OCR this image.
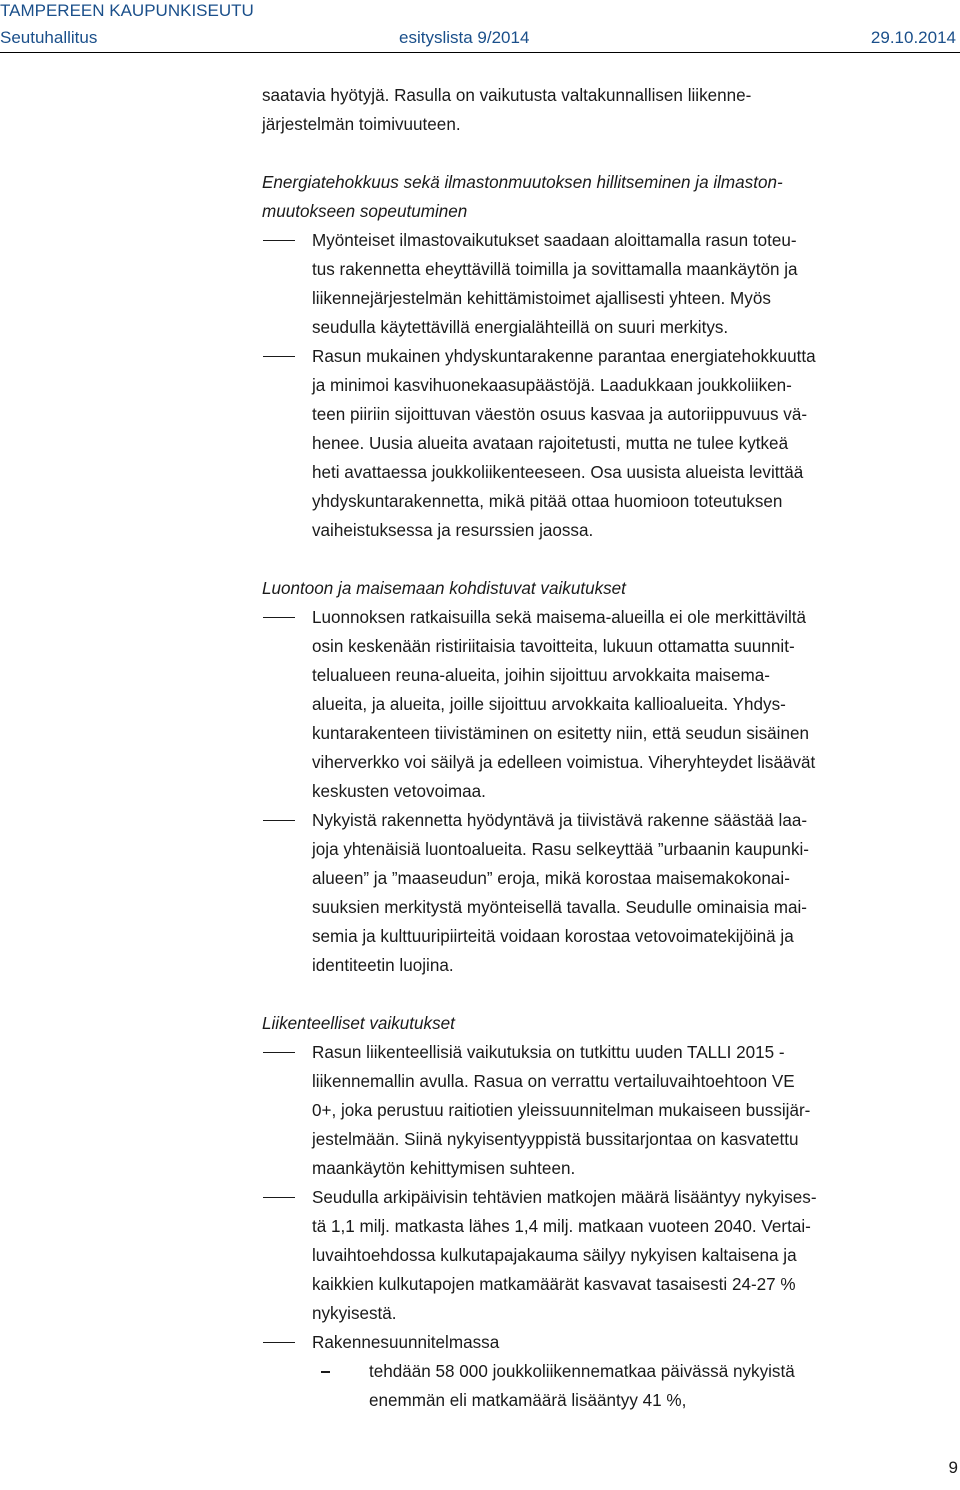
TAMPEREEN KAUPUNKISEUTU
Seutuhallitus	esityslista 9/2014	29.10.2014

saatavia hyötyjä. Rasulla on vaikutusta valtakunnallisen liikenne-
järjestelmän toimivuuteen.

Energiatehokkuus sekä ilmastonmuutoksen hillitseminen ja ilmaston-
muutokseen sopeutuminen

Myönteiset ilmastovaikutukset saadaan aloittamalla rasun toteu-
tus rakennetta eheyttävillä toimilla ja sovittamalla maankäytön ja
liikennejärjestelmän kehittämistoimet ajallisesti yhteen. Myös
seudulla käytettävillä energialähteillä on suuri merkitys.
Rasun mukainen yhdyskuntarakenne parantaa energiatehokkuutta
ja minimoi kasvihuonekaasupäästöjä. Laadukkaan joukkoliiken-
teen piiriin sijoittuvan väestön osuus kasvaa ja autoriippuvuus vä-
henee. Uusia alueita avataan rajoitetusti, mutta ne tulee kytkeä
heti avattaessa joukkoliikenteeseen. Osa uusista alueista levittää
yhdyskuntarakennetta, mikä pitää ottaa huomioon toteutuksen
vaiheistuksessa ja resurssien jaossa.

Luontoon ja maisemaan kohdistuvat vaikutukset

Luonnoksen ratkaisuilla sekä maisema-alueilla ei ole merkittäviltä
osin keskenään ristiriitaisia tavoitteita, lukuun ottamatta suunnit-
telualueen reuna-alueita, joihin sijoittuu arvokkaita maisema-
alueita, ja alueita, joille sijoittuu arvokkaita kallioalueita. Yhdys-
kuntarakenteen tiivistäminen on esitetty niin, että seudun sisäinen
viherverkko voi säilyä ja edelleen voimistua. Viheryhteydet lisäävät
keskusten vetovoimaa.
Nykyistä rakennetta hyödyntävä ja tiivistävä rakenne säästää laa-
joja yhtenäisiä luontoalueita. Rasu selkeyttää ”urbaanin kaupunki-
alueen” ja ”maaseudun” eroja, mikä korostaa maisemakokonai-
suuksien merkitystä myönteisellä tavalla. Seudulle ominaisia mai-
semia ja kulttuuripiirteitä voidaan korostaa vetovoimatekijöinä ja
identiteetin luojina.

Liikenteelliset vaikutukset

Rasun liikenteellisiä vaikutuksia on tutkittu uuden TALLI 2015 -
liikennemallin avulla. Rasua on verrattu vertailuvaihtoehtoon VE
0+, joka perustuu raitiotien yleissuunnitelman mukaiseen bussijär-
jestelmään. Siinä nykyisentyyppistä bussitarjontaa on kasvatettu
maankäytön kehittymisen suhteen.
Seudulla arkipäivisin tehtävien matkojen määrä lisääntyy nykyises-
tä 1,1 milj. matkasta lähes 1,4 milj. matkaan vuoteen 2040. Vertai-
luvaihtoehdossa kulkutapajakauma säilyy nykyisen kaltaisena ja
kaikkien kulkutapojen matkamäärät kasvavat tasaisesti 24-27 %
nykyisestä.
Rakennesuunnitelmassa
tehdään 58 000 joukkoliikennematkaa päivässä nykyistä
enemmän eli matkamäärä lisääntyy 41 %,
9
